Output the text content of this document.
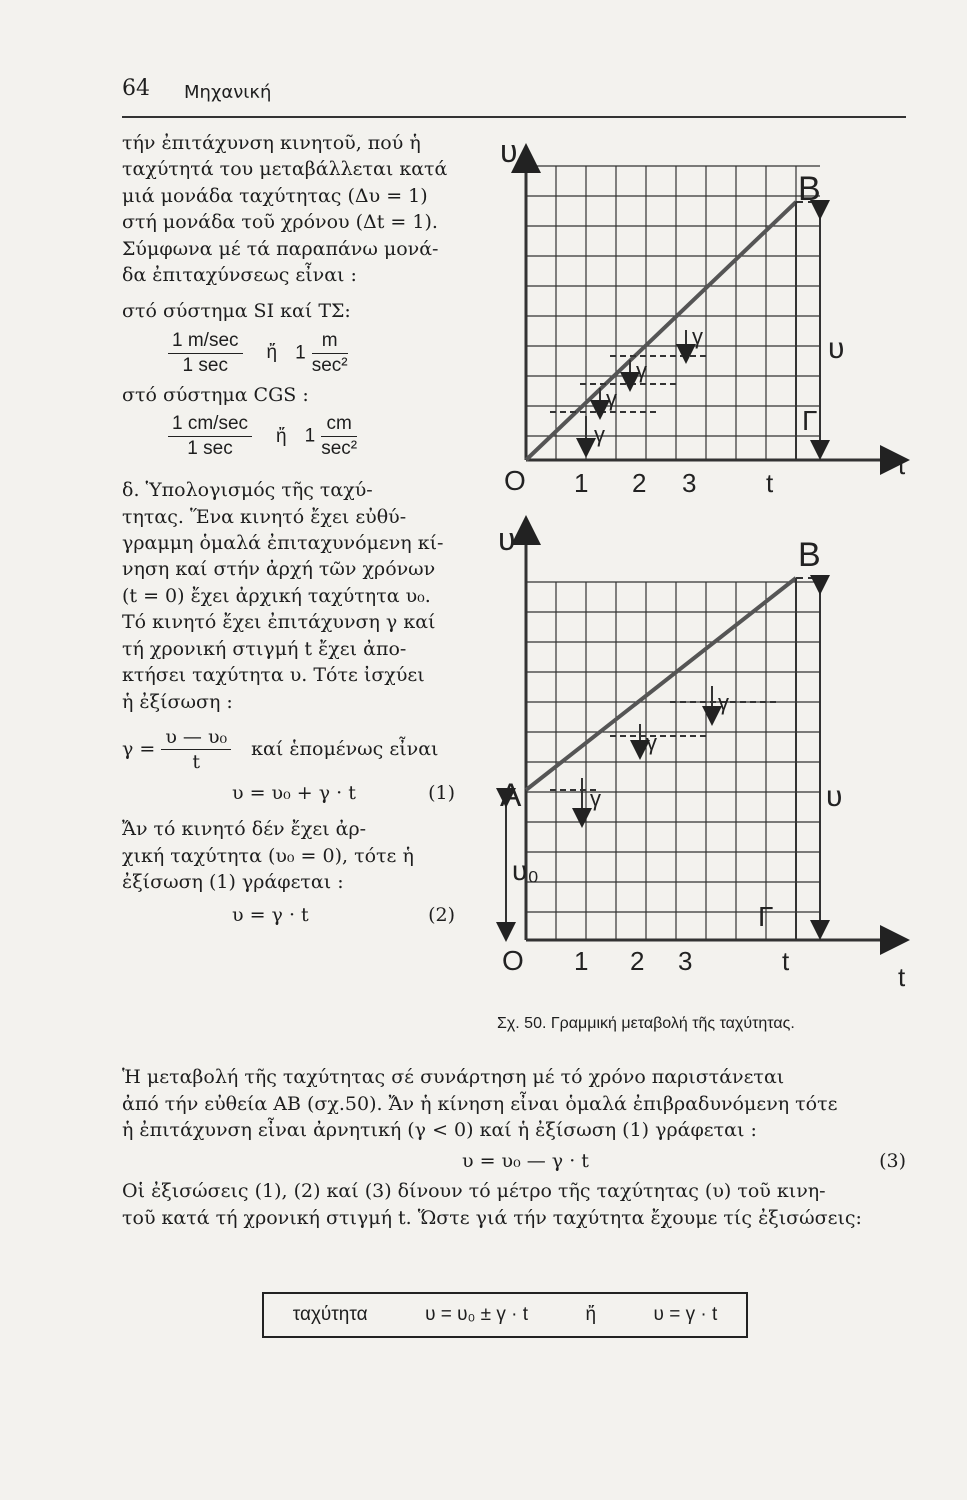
64 Μηχανική

τήν ἐπιτάχυνση κινητοῦ, πού ἡ

ταχύτητά του μεταβάλλεται κατά

μιά μονάδα ταχύτητας (Δυ = 1)

στή μονάδα τοῦ χρόνου (Δt = 1).

Σύμφωνα μέ τά παραπάνω μονά-

δα ἐπιταχύνσεως εἶναι :

στό σύστημα SI καί ΤΣ:

$\frac{1 m/\sec}{1 \sec}$ ἤ $1 \frac{m}{\text{sec²}}$

στό σύστημα CGS :

$\frac{1 cm/\sec}{1 \sec}$ ἤ $1 \frac{cm}{\text{sec²}}$

δ. Ὑπολογισμός τῆς ταχύ-

τητας. Ἕνα κινητό ἔχει εὐθύ-

γραμμη ὁμαλά ἐπιταχυνόμενη κί-

νηση καί στήν ἀρχή τῶν χρόνων

(t = 0) ἔχει ἀρχική ταχύτητα υ₀.

Τό κινητό ἔχει ἐπιτάχυνση γ καί

τή χρονική στιγμή t ἔχει ἀπο-

κτήσει ταχύτητα υ. Τότε ἰσχύει

ἡ ἐξίσωση :

$\gamma = \frac{\text{υ — υ₀}}{t}$ καί ἑπομένως εἶναι
υ = υ₀ + γ · t	(1)

Ἄν τό κινητό δέν ἔχει ἀρ-

χική ταχύτητα (υ₀ = 0), τότε ἡ

ἐξίσωση (1) γράφεται :

υ = γ · t	(2)
υ
t
O 1 2 3	t
B
Γ
υ
γ
γ
γ
γ
υ
t
O 1 2 3	t
A
B
Γ
υ
υ₀
γ
γ
γ
Σχ. 50. Γραμμική μεταβολή τῆς ταχύτητας.

Ἡ μεταβολή τῆς ταχύτητας σέ συνάρτηση μέ τό χρόνο παριστάνεται

ἀπό τήν εὐθεία ΑΒ (σχ.50). Ἄν ἡ κίνηση εἶναι ὁμαλά ἐπιβραδυνόμενη τότε

ἡ ἐπιτάχυνση εἶναι ἀρνητική (γ < 0) καί ἡ ἐξίσωση (1) γράφεται :

υ = υ₀ — γ · t	(3)

Οἱ ἐξισώσεις (1), (2) καί (3) δίνουν τό μέτρο τῆς ταχύτητας (υ) τοῦ κινη-

τοῦ κατά τή χρονική στιγμή t. Ὥστε γιά τήν ταχύτητα ἔχουμε τίς ἐξισώσεις:

ταχύτητα	υ = υ₀ ± γ · t	ἤ	υ = γ · t
